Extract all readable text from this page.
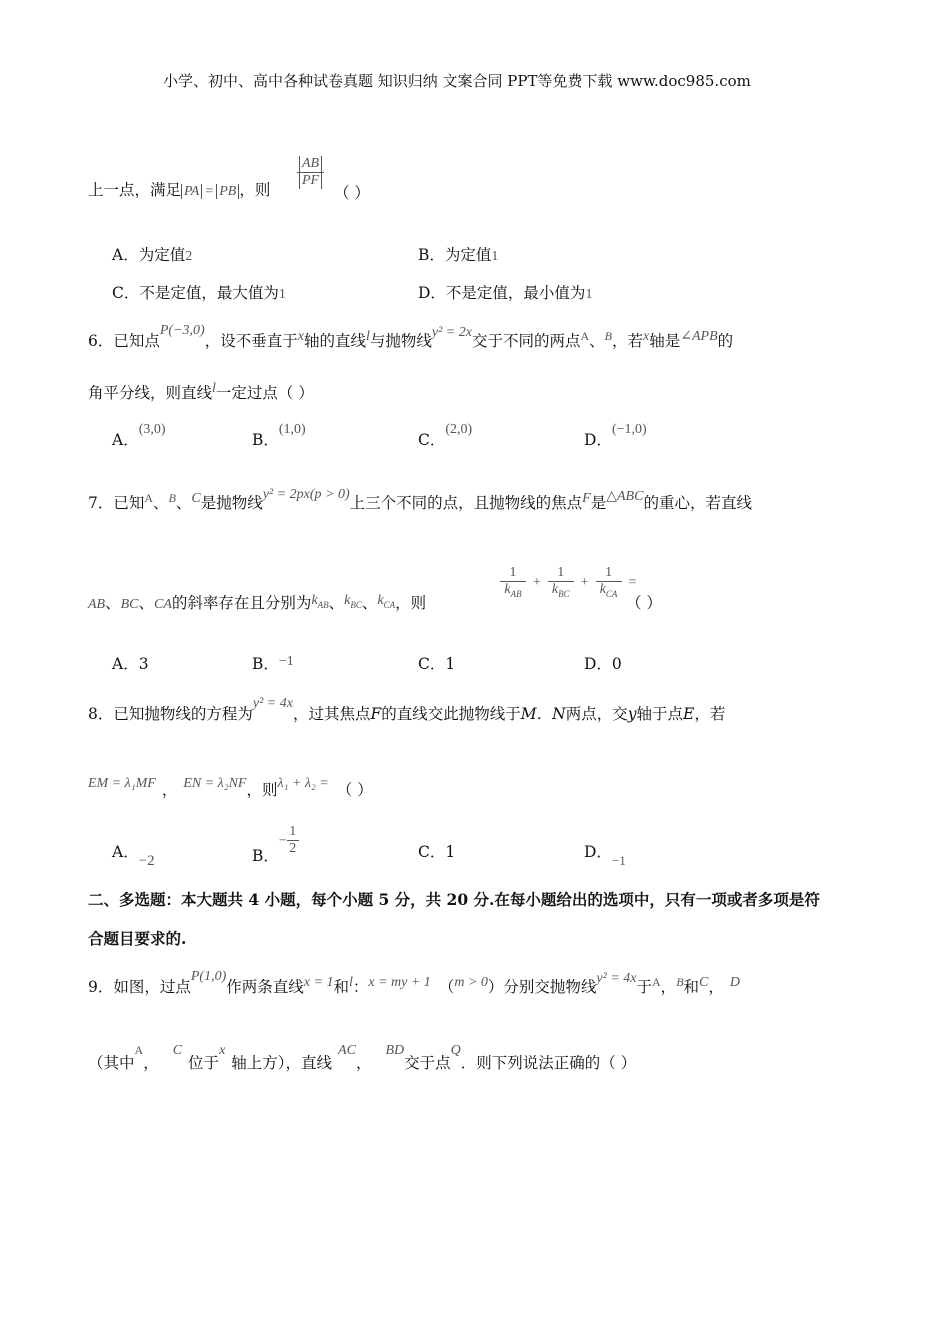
小学、初中、高中各种试卷真题 知识归纳 文案合同 PPT等免费下载 www.doc985.com
上一点，满足 PA = PB ，则
AB
PF
（ ）
A．为定值2	B．为定值1
C．不是定值，最大值为1	D．不是定值，最小值为1
6．已知点P(−3,0)，设不垂直于x轴的直线l与抛物线y² = 2x交于不同的两点$^A$、$^B$，若x轴是∠APB的
角平分线，则直线l一定过点（ ）
A．(3,0)
B．(1,0)
C．(2,0)
D．(−1,0)
7．已知$^A$、$^B$、C是抛物线y² = 2px(p > 0)上三个不同的点，且抛物线的焦点F是△ABC的重心，若直线
AB、BC、CA的斜率存在且分别为$k_{AB}$、$k_{BC}$、$k_{CA}$，则
$\frac{1}{k_{AB}} + \frac{1}{k_{BC}} + \frac{1}{k_{CA}}$ =
（ ）
A．3	B．−1	C．1	D．0
8．已知抛物线的方程为y² = 4x，过其焦点F的直线交此抛物线于M．N两点，交y轴于点E，若
EM = λ₁MF ， EN = λ₂NF，则λ₁ + λ₂ = （ ）
A．−2	B．− $\frac{1}{2}$	C．1	D．$_{-1}$
二、多选题：本大题共 4 小题，每个小题 5 分，共 20 分.在每小题给出的选项中，只有一项或者多项是符
合题目要求的.
9．如图，过点P(1,0)作两条直线x = 1和l：x = my + 1 （m > 0）分别交抛物线y² = 4x于$^A$，$^B$和C， D
（其中$^A$，C位于x轴上方），直线AC，BD交于点Q．则下列说法正确的（ ）
